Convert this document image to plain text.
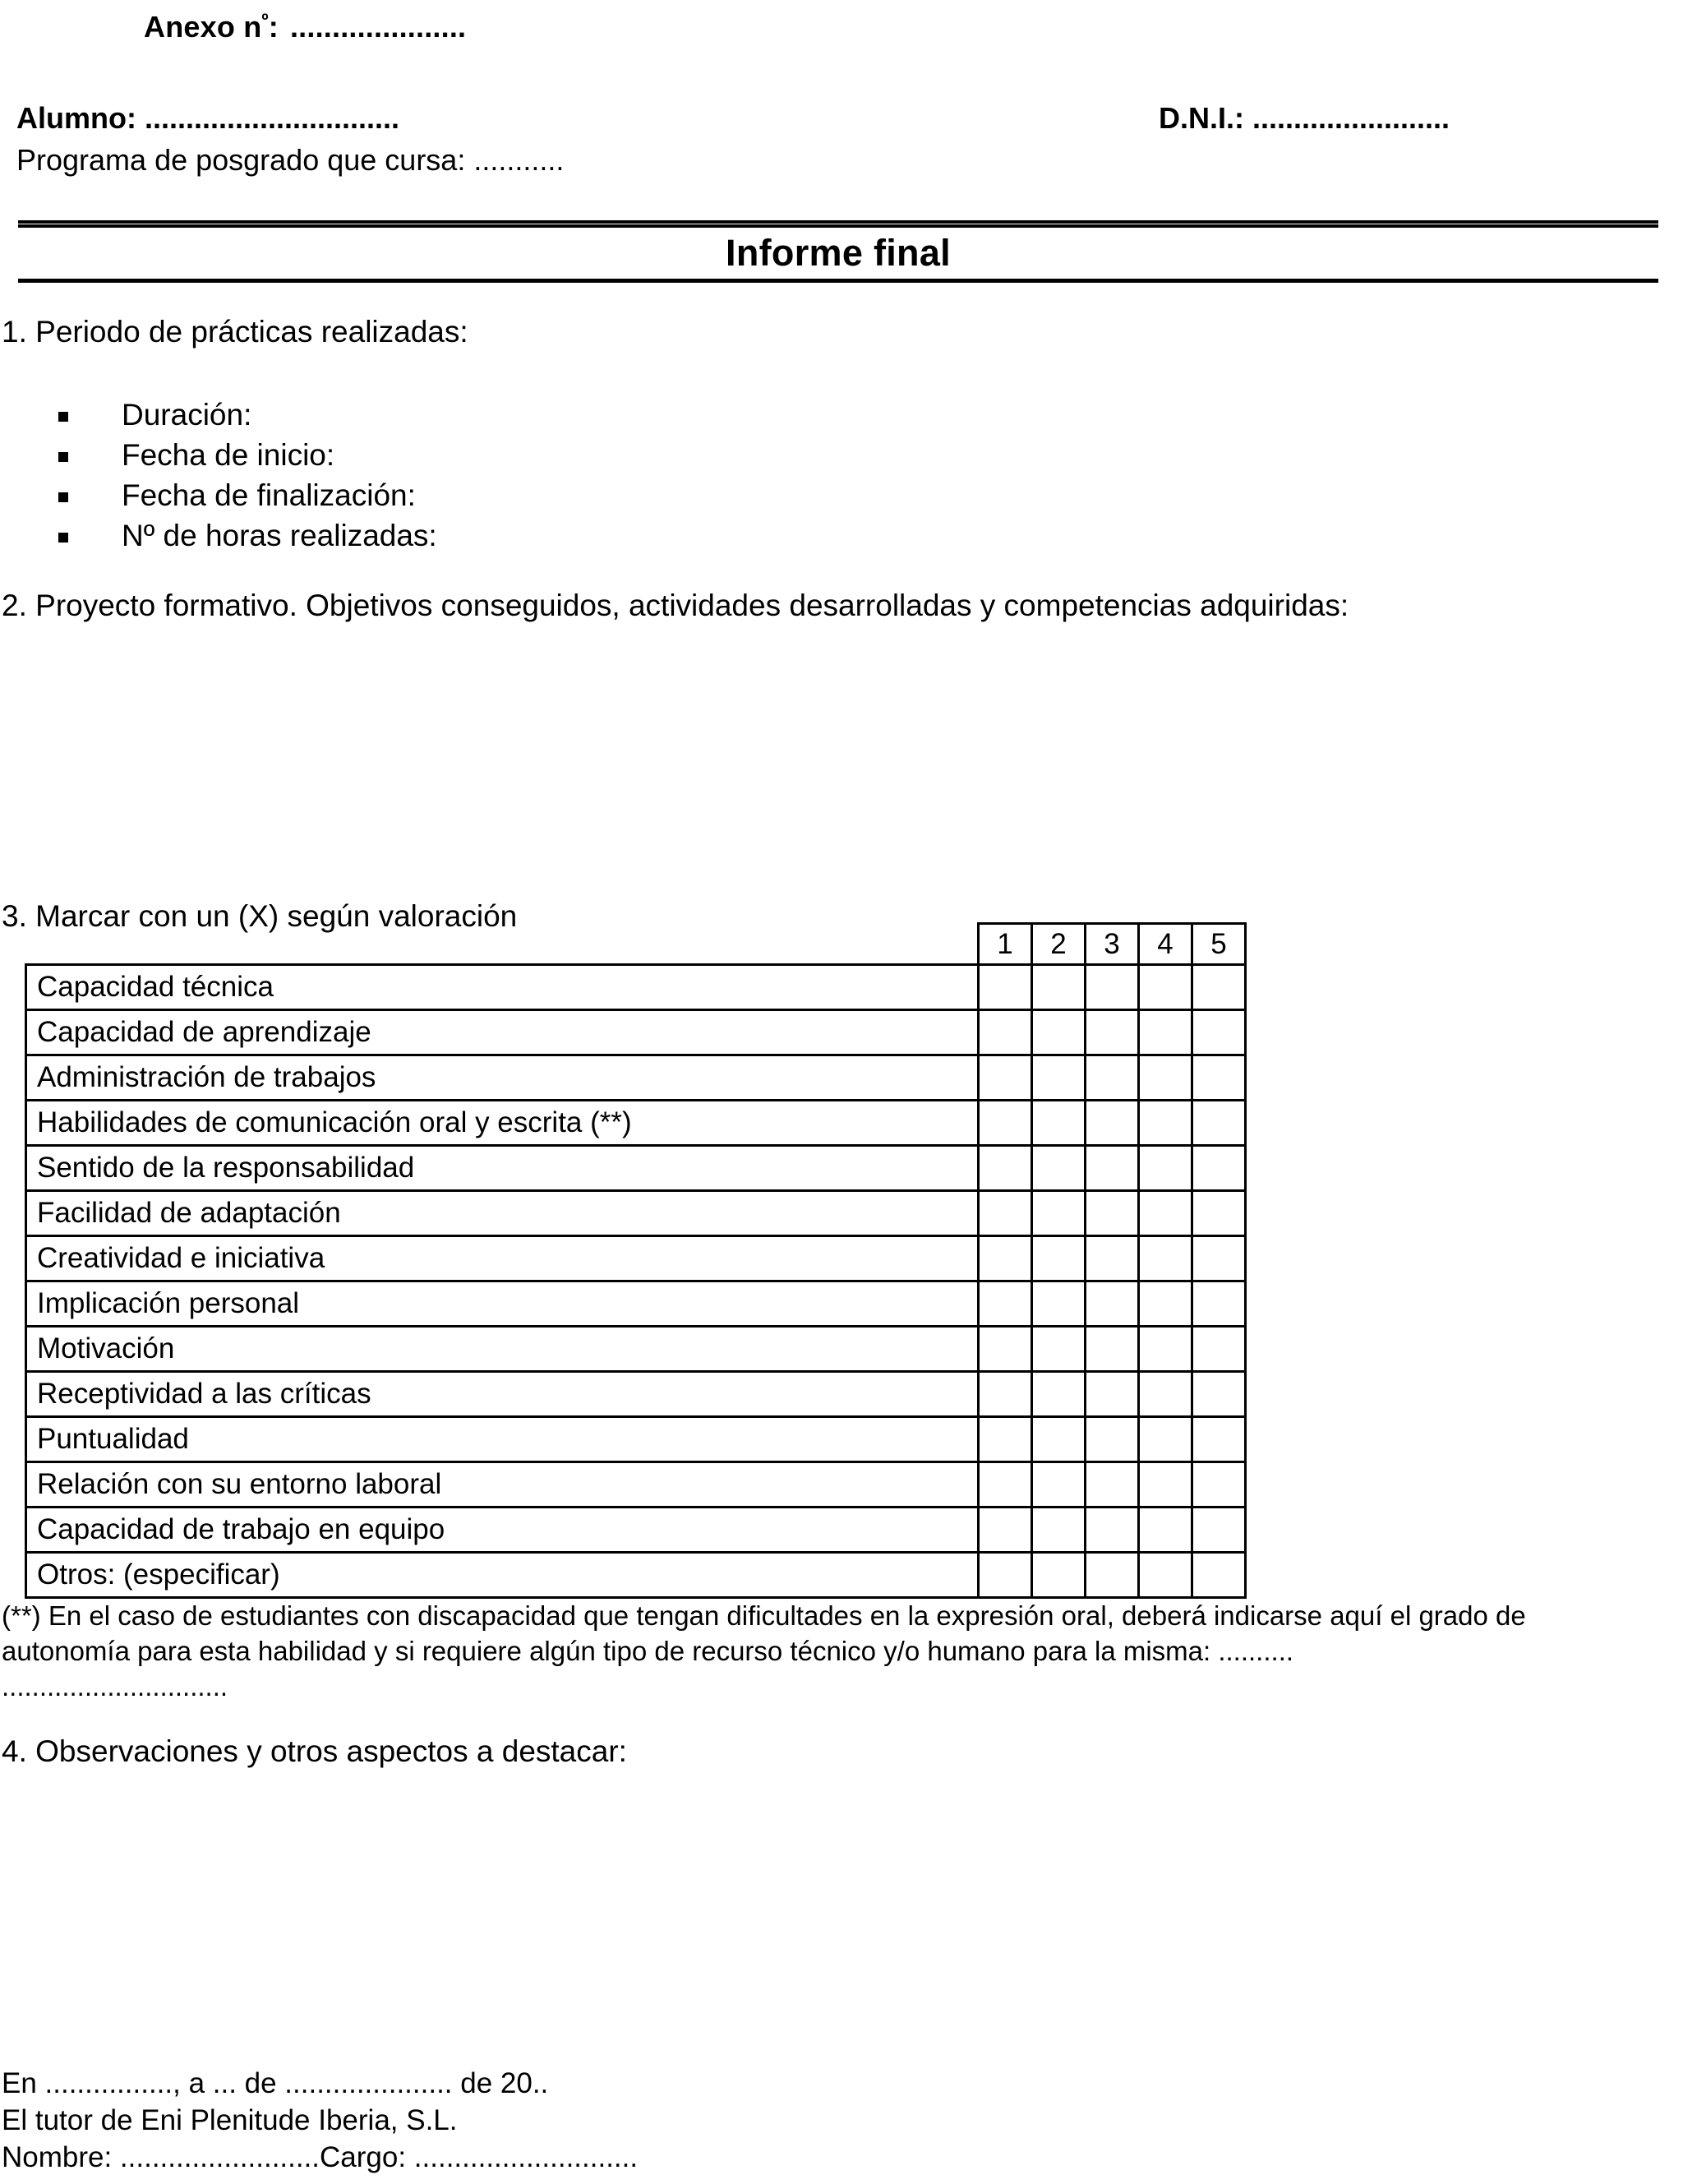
Anexo $n^º$: .....................
Alumno: ...............................	D.N.I.: ........................
Programa de posgrado que cursa: ...........
Informe final
1. Periodo de prácticas realizadas:
Duración:
Fecha de inicio:
Fecha de finalización:
Nº de horas realizadas:
2. Proyecto formativo. Objetivos conseguidos, actividades desarrolladas y competencias adquiridas:
3. Marcar con un (X) según valoración
	1	2	3	4	5
Capacidad técnica					
Capacidad de aprendizaje					
Administración de trabajos					
Habilidades de comunicación oral y escrita (**)					
Sentido de la responsabilidad					
Facilidad de adaptación					
Creatividad e iniciativa					
Implicación personal					
Motivación					
Receptividad a las críticas					
Puntualidad					
Relación con su entorno laboral					
Capacidad de trabajo en equipo					
Otros: (especificar)					
(**) En el caso de estudiantes con discapacidad que tengan dificultades en la expresión oral, deberá indicarse aquí el grado de
autonomía para esta habilidad y si requiere algún tipo de recurso técnico y/o humano para la misma: ..........
..............................
4. Observaciones y otros aspectos a destacar:
En ................, a ... de ..................... de 20..
El tutor de Eni Plenitude Iberia, S.L.
Nombre: .........................Cargo: ............................
